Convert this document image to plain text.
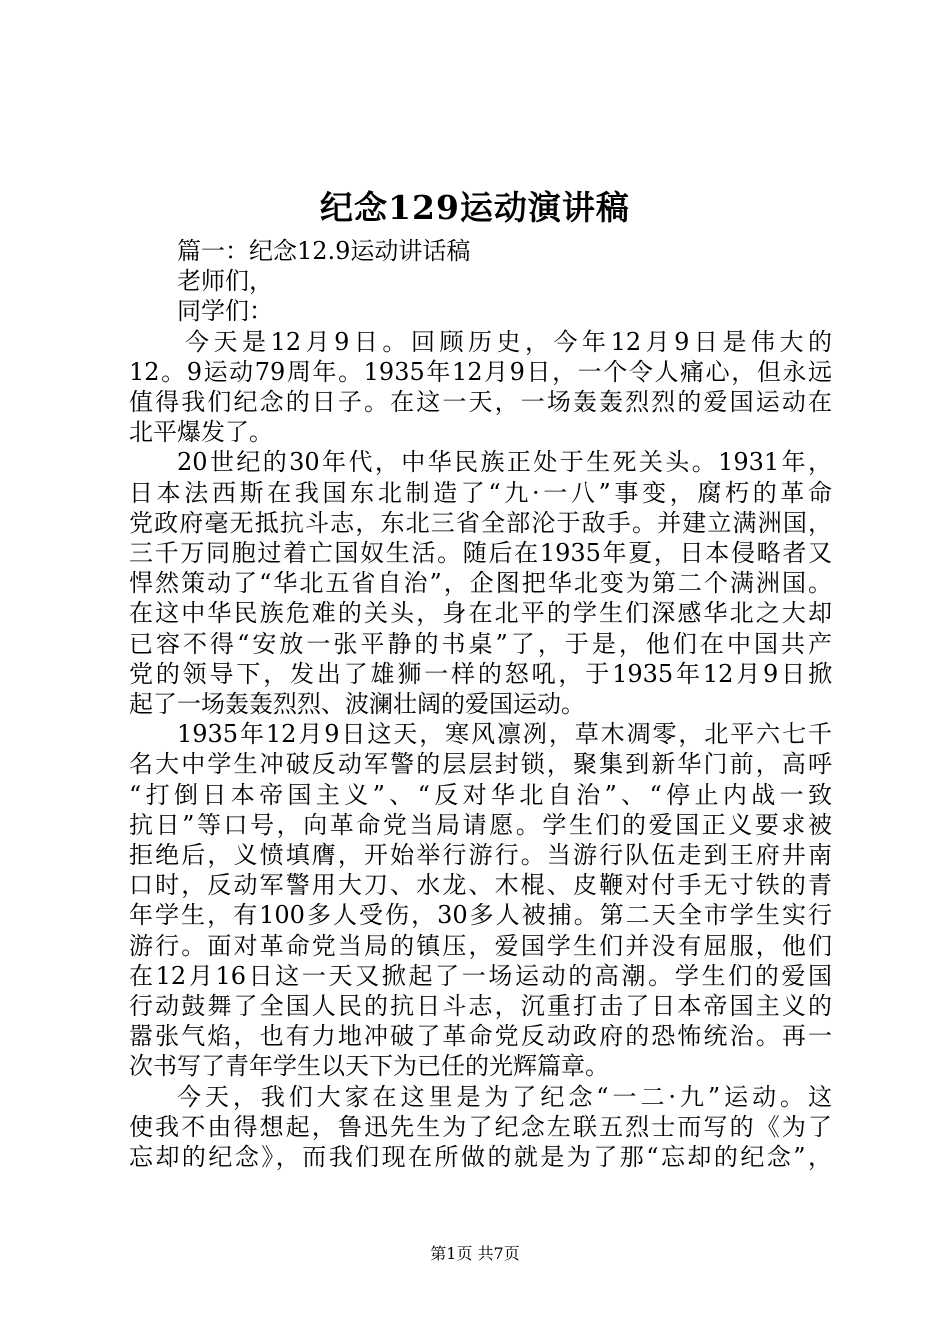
纪念129运动演讲稿

篇一：纪念12.9运动讲话稿

老师们，

同学们：

今天是12月9日。回顾历史，今年12月9日是伟大的

12。9运动79周年。1935年12月9日，一个令人痛心，但永远

值得我们纪念的日子。在这一天，一场轰轰烈烈的爱国运动在

北平爆发了。

20世纪的30年代，中华民族正处于生死关头。1931年，

日本法西斯在我国东北制造了“九·一八”事变，腐朽的革命

党政府毫无抵抗斗志，东北三省全部沦于敌手。并建立满洲国，

三千万同胞过着亡国奴生活。随后在1935年夏，日本侵略者又

悍然策动了“华北五省自治”，企图把华北变为第二个满洲国。

在这中华民族危难的关头，身在北平的学生们深感华北之大却

已容不得“安放一张平静的书桌”了，于是，他们在中国共产

党的领导下，发出了雄狮一样的怒吼，于1935年12月9日掀

起了一场轰轰烈烈、波澜壮阔的爱国运动。

1935年12月9日这天，寒风凛冽，草木凋零，北平六七千

名大中学生冲破反动军警的层层封锁，聚集到新华门前，高呼

“打倒日本帝国主义”、“反对华北自治”、“停止内战一致

抗日”等口号，向革命党当局请愿。学生们的爱国正义要求被

拒绝后，义愤填膺，开始举行游行。当游行队伍走到王府井南

口时，反动军警用大刀、水龙、木棍、皮鞭对付手无寸铁的青

年学生，有100多人受伤，30多人被捕。第二天全市学生实行

游行。面对革命党当局的镇压，爱国学生们并没有屈服，他们

在12月16日这一天又掀起了一场运动的高潮。学生们的爱国

行动鼓舞了全国人民的抗日斗志，沉重打击了日本帝国主义的

嚣张气焰，也有力地冲破了革命党反动政府的恐怖统治。再一

次书写了青年学生以天下为已任的光辉篇章。

今天，我们大家在这里是为了纪念“一二·九”运动。这

使我不由得想起，鲁迅先生为了纪念左联五烈士而写的《为了

忘却的纪念》，而我们现在所做的就是为了那“忘却的纪念”，

第1页 共7页
